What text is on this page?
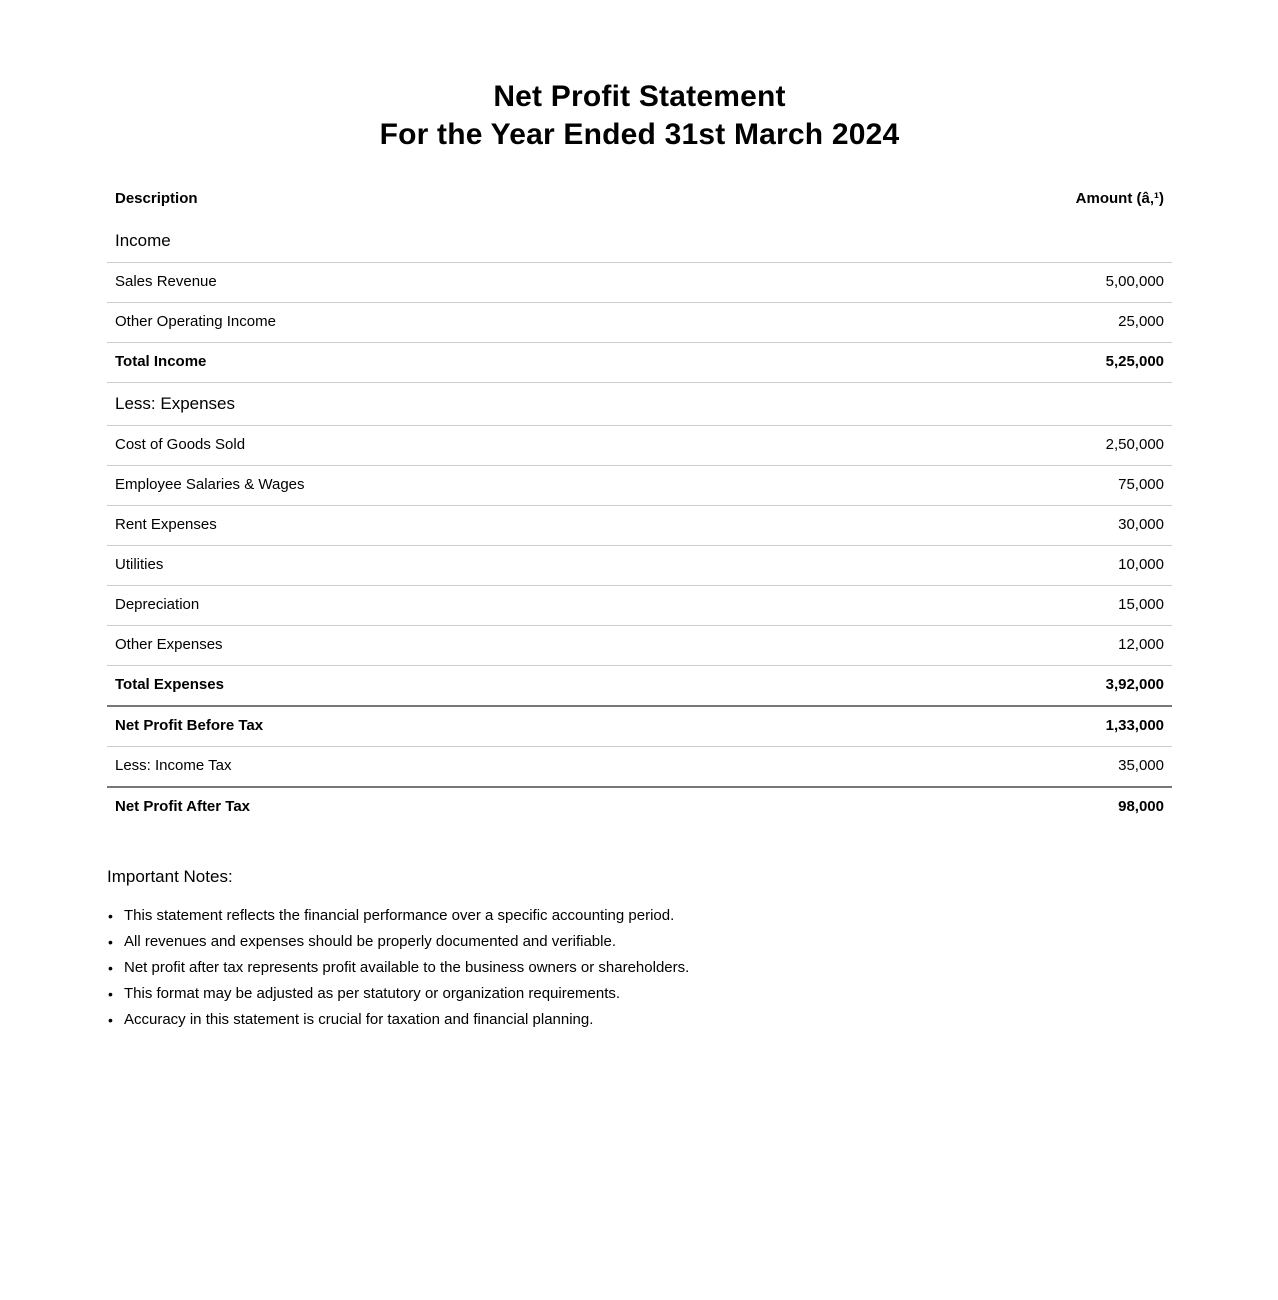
Net Profit Statement
For the Year Ended 31st March 2024
Description	Amount (â‚¹)
Income
Sales Revenue	5,00,000
Other Operating Income	25,000
Total Income	5,25,000
Less: Expenses
Cost of Goods Sold	2,50,000
Employee Salaries & Wages	75,000
Rent Expenses	30,000
Utilities	10,000
Depreciation	15,000
Other Expenses	12,000
Total Expenses	3,92,000
Net Profit Before Tax	1,33,000
Less: Income Tax	35,000
Net Profit After Tax	98,000
Important Notes:
• This statement reflects the financial performance over a specific accounting period.
• All revenues and expenses should be properly documented and verifiable.
• Net profit after tax represents profit available to the business owners or shareholders.
• This format may be adjusted as per statutory or organization requirements.
• Accuracy in this statement is crucial for taxation and financial planning.
